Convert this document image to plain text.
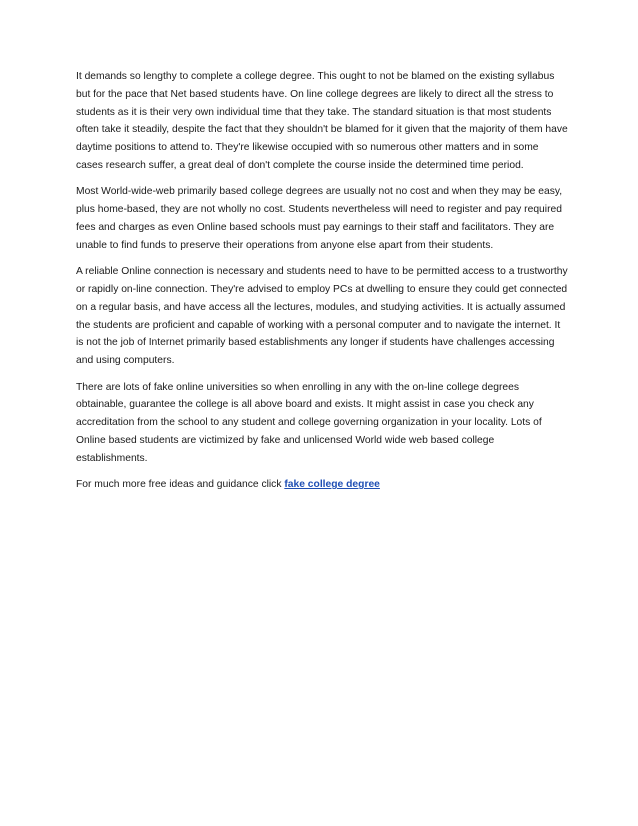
It demands so lengthy to complete a college degree. This ought to not be blamed on the existing syllabus but for the pace that Net based students have. On line college degrees are likely to direct all the stress to students as it is their very own individual time that they take. The standard situation is that most students often take it steadily, despite the fact that they shouldn't be blamed for it given that the majority of them have daytime positions to attend to. They're likewise occupied with so numerous other matters and in some cases research suffer, a great deal of don't complete the course inside the determined time period.

Most World-wide-web primarily based college degrees are usually not no cost and when they may be easy, plus home-based, they are not wholly no cost. Students nevertheless will need to register and pay required fees and charges as even Online based schools must pay earnings to their staff and facilitators. They are unable to find funds to preserve their operations from anyone else apart from their students.

A reliable Online connection is necessary and students need to have to be permitted access to a trustworthy or rapidly on-line connection. They're advised to employ PCs at dwelling to ensure they could get connected on a regular basis, and have access all the lectures, modules, and studying activities. It is actually assumed the students are proficient and capable of working with a personal computer and to navigate the internet. It is not the job of Internet primarily based establishments any longer if students have challenges accessing and using computers.

There are lots of fake online universities so when enrolling in any with the on-line college degrees obtainable, guarantee the college is all above board and exists. It might assist in case you check any accreditation from the school to any student and college governing organization in your locality. Lots of Online based students are victimized by fake and unlicensed World wide web based college establishments.

For much more free ideas and guidance click fake college degree
